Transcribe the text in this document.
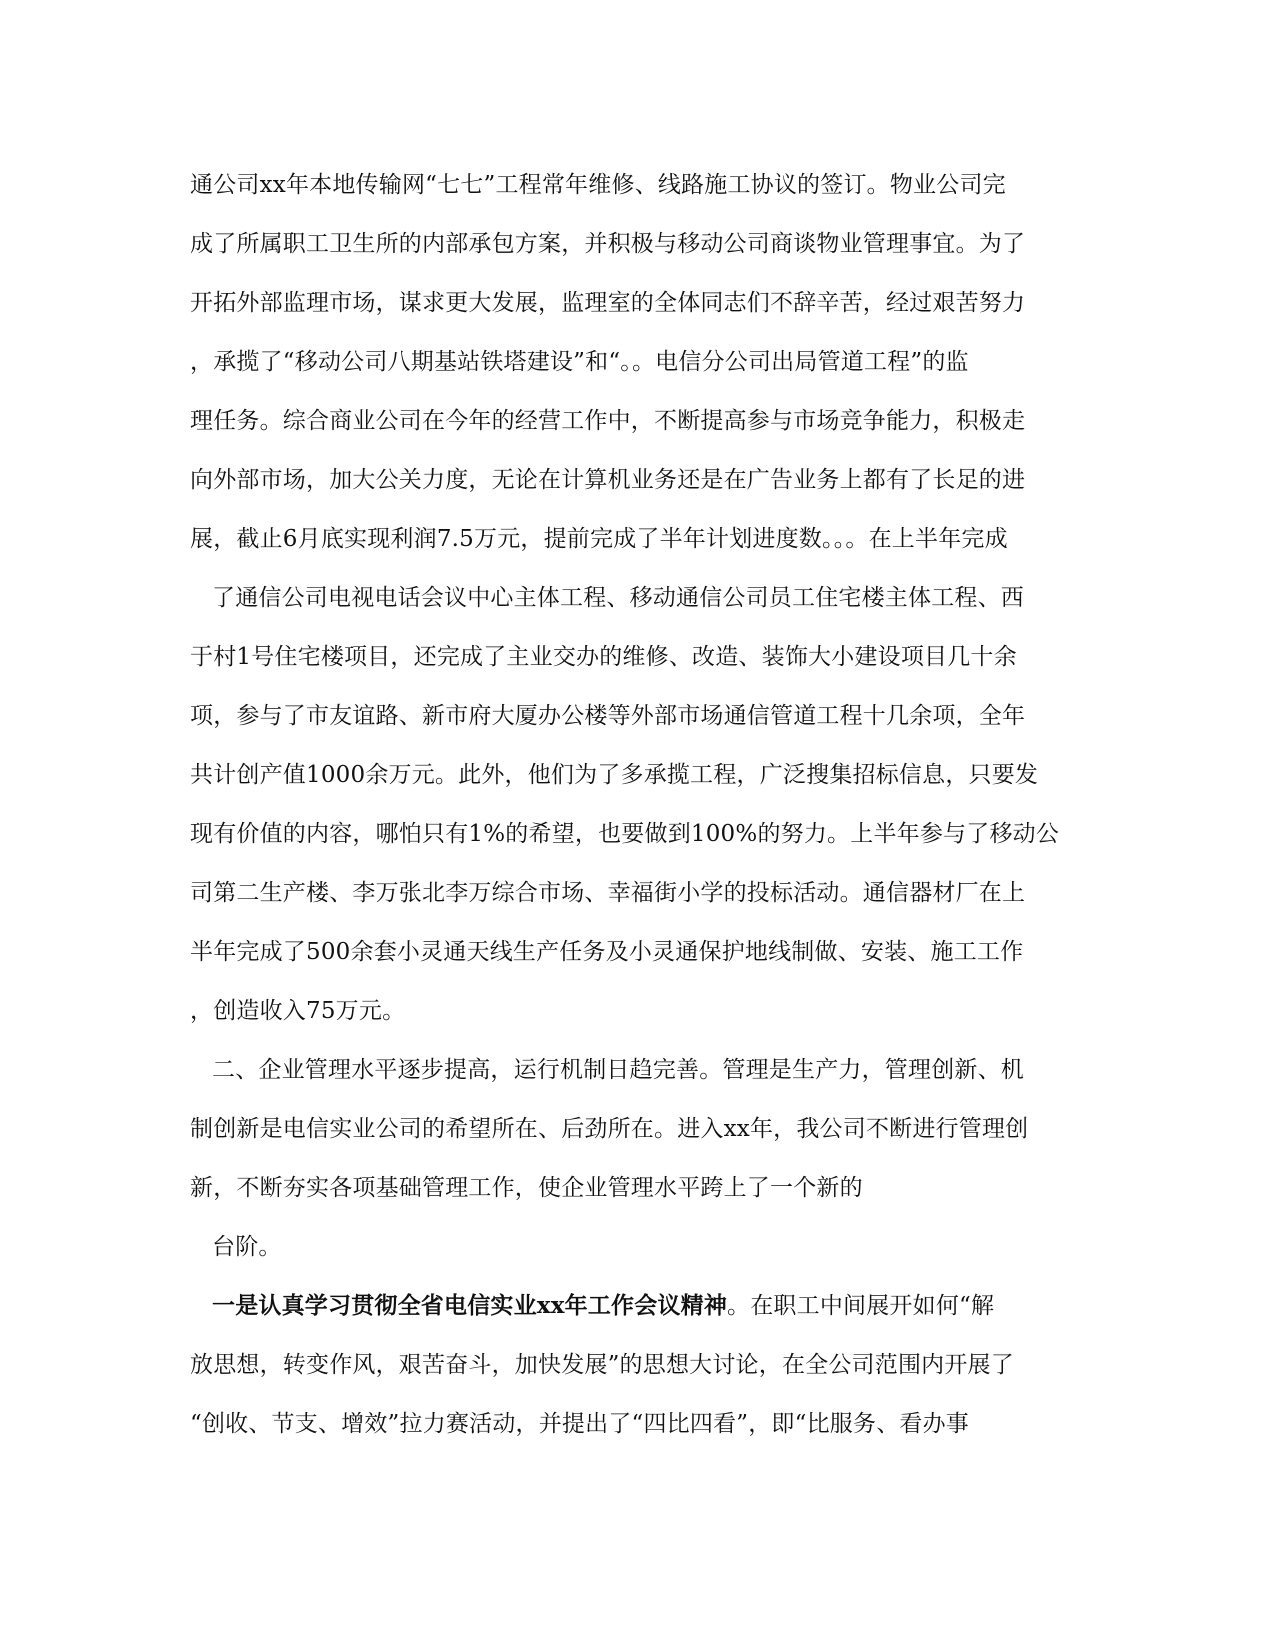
通公司xx年本地传输网“七七”工程常年维修、线路施工协议的签订。物业公司完
成了所属职工卫生所的内部承包方案，并积极与移动公司商谈物业管理事宜。为了
开拓外部监理市场，谋求更大发展，监理室的全体同志们不辞辛苦，经过艰苦努力
，承揽了“移动公司八期基站铁塔建设”和“。。电信分公司出局管道工程”的监
理任务。综合商业公司在今年的经营工作中，不断提高参与市场竞争能力，积极走
向外部市场，加大公关力度，无论在计算机业务还是在广告业务上都有了长足的进
展，截止6月底实现利润7.5万元，提前完成了半年计划进度数。。。在上半年完成
了通信公司电视电话会议中心主体工程、移动通信公司员工住宅楼主体工程、西
于村1号住宅楼项目，还完成了主业交办的维修、改造、装饰大小建设项目几十余
项，参与了市友谊路、新市府大厦办公楼等外部市场通信管道工程十几余项，全年
共计创产值1000余万元。此外，他们为了多承揽工程，广泛搜集招标信息，只要发
现有价值的内容，哪怕只有1%的希望，也要做到100%的努力。上半年参与了移动公
司第二生产楼、李万张北李万综合市场、幸福街小学的投标活动。通信器材厂在上
半年完成了500余套小灵通天线生产任务及小灵通保护地线制做、安装、施工工作
，创造收入75万元。
二、企业管理水平逐步提高，运行机制日趋完善。管理是生产力，管理创新、机
制创新是电信实业公司的希望所在、后劲所在。进入xx年，我公司不断进行管理创
新，不断夯实各项基础管理工作，使企业管理水平跨上了一个新的
台阶。
一是认真学习贯彻全省电信实业xx年工作会议精神。在职工中间展开如何“解
放思想，转变作风，艰苦奋斗，加快发展”的思想大讨论，在全公司范围内开展了
“创收、节支、增效”拉力赛活动，并提出了“四比四看”，即“比服务、看办事
